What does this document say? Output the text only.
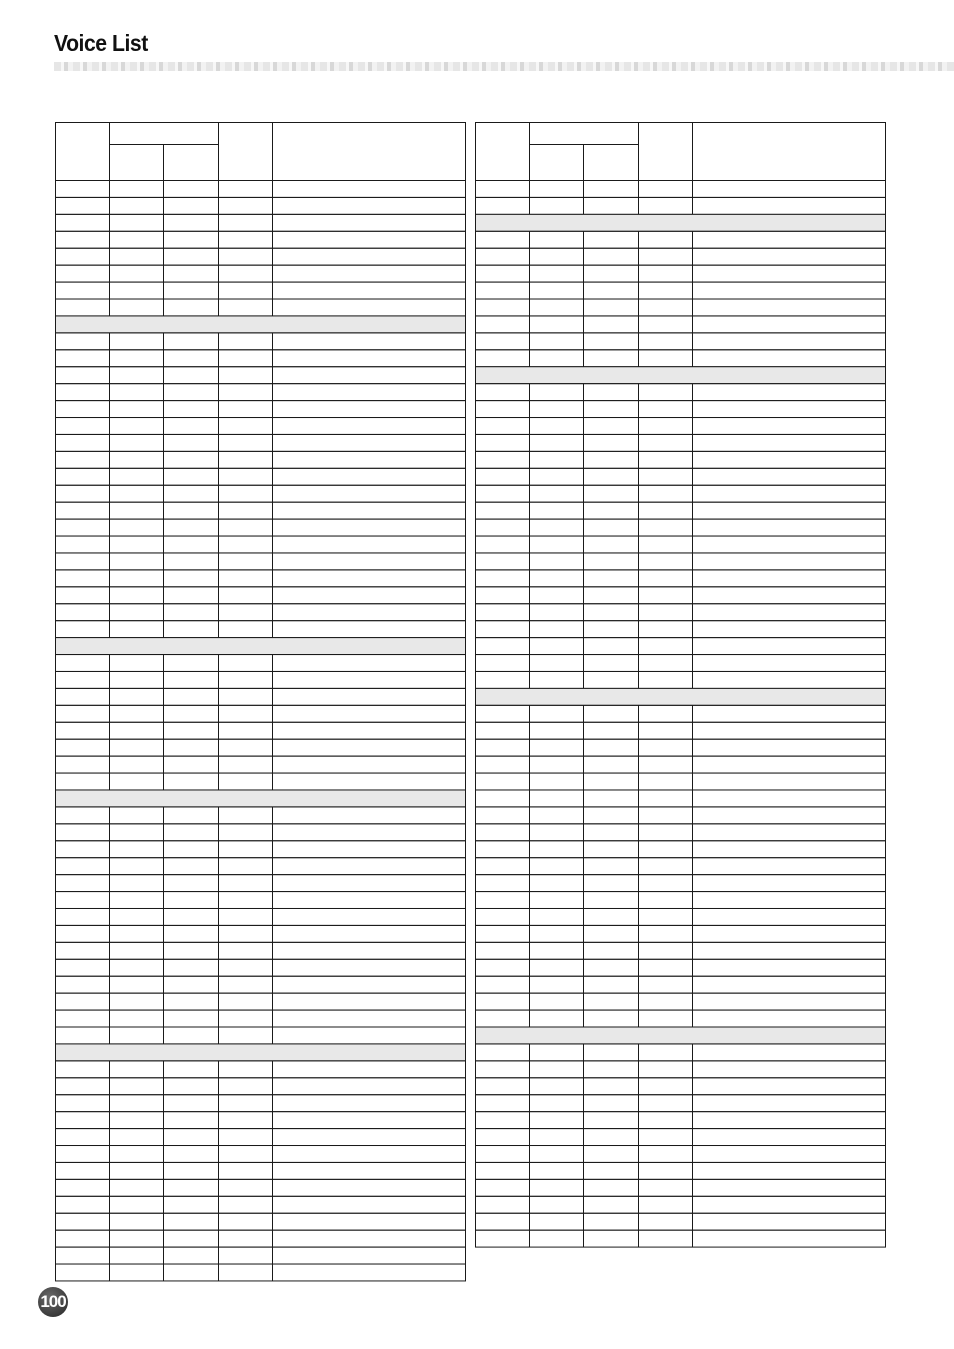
Voice List
100
